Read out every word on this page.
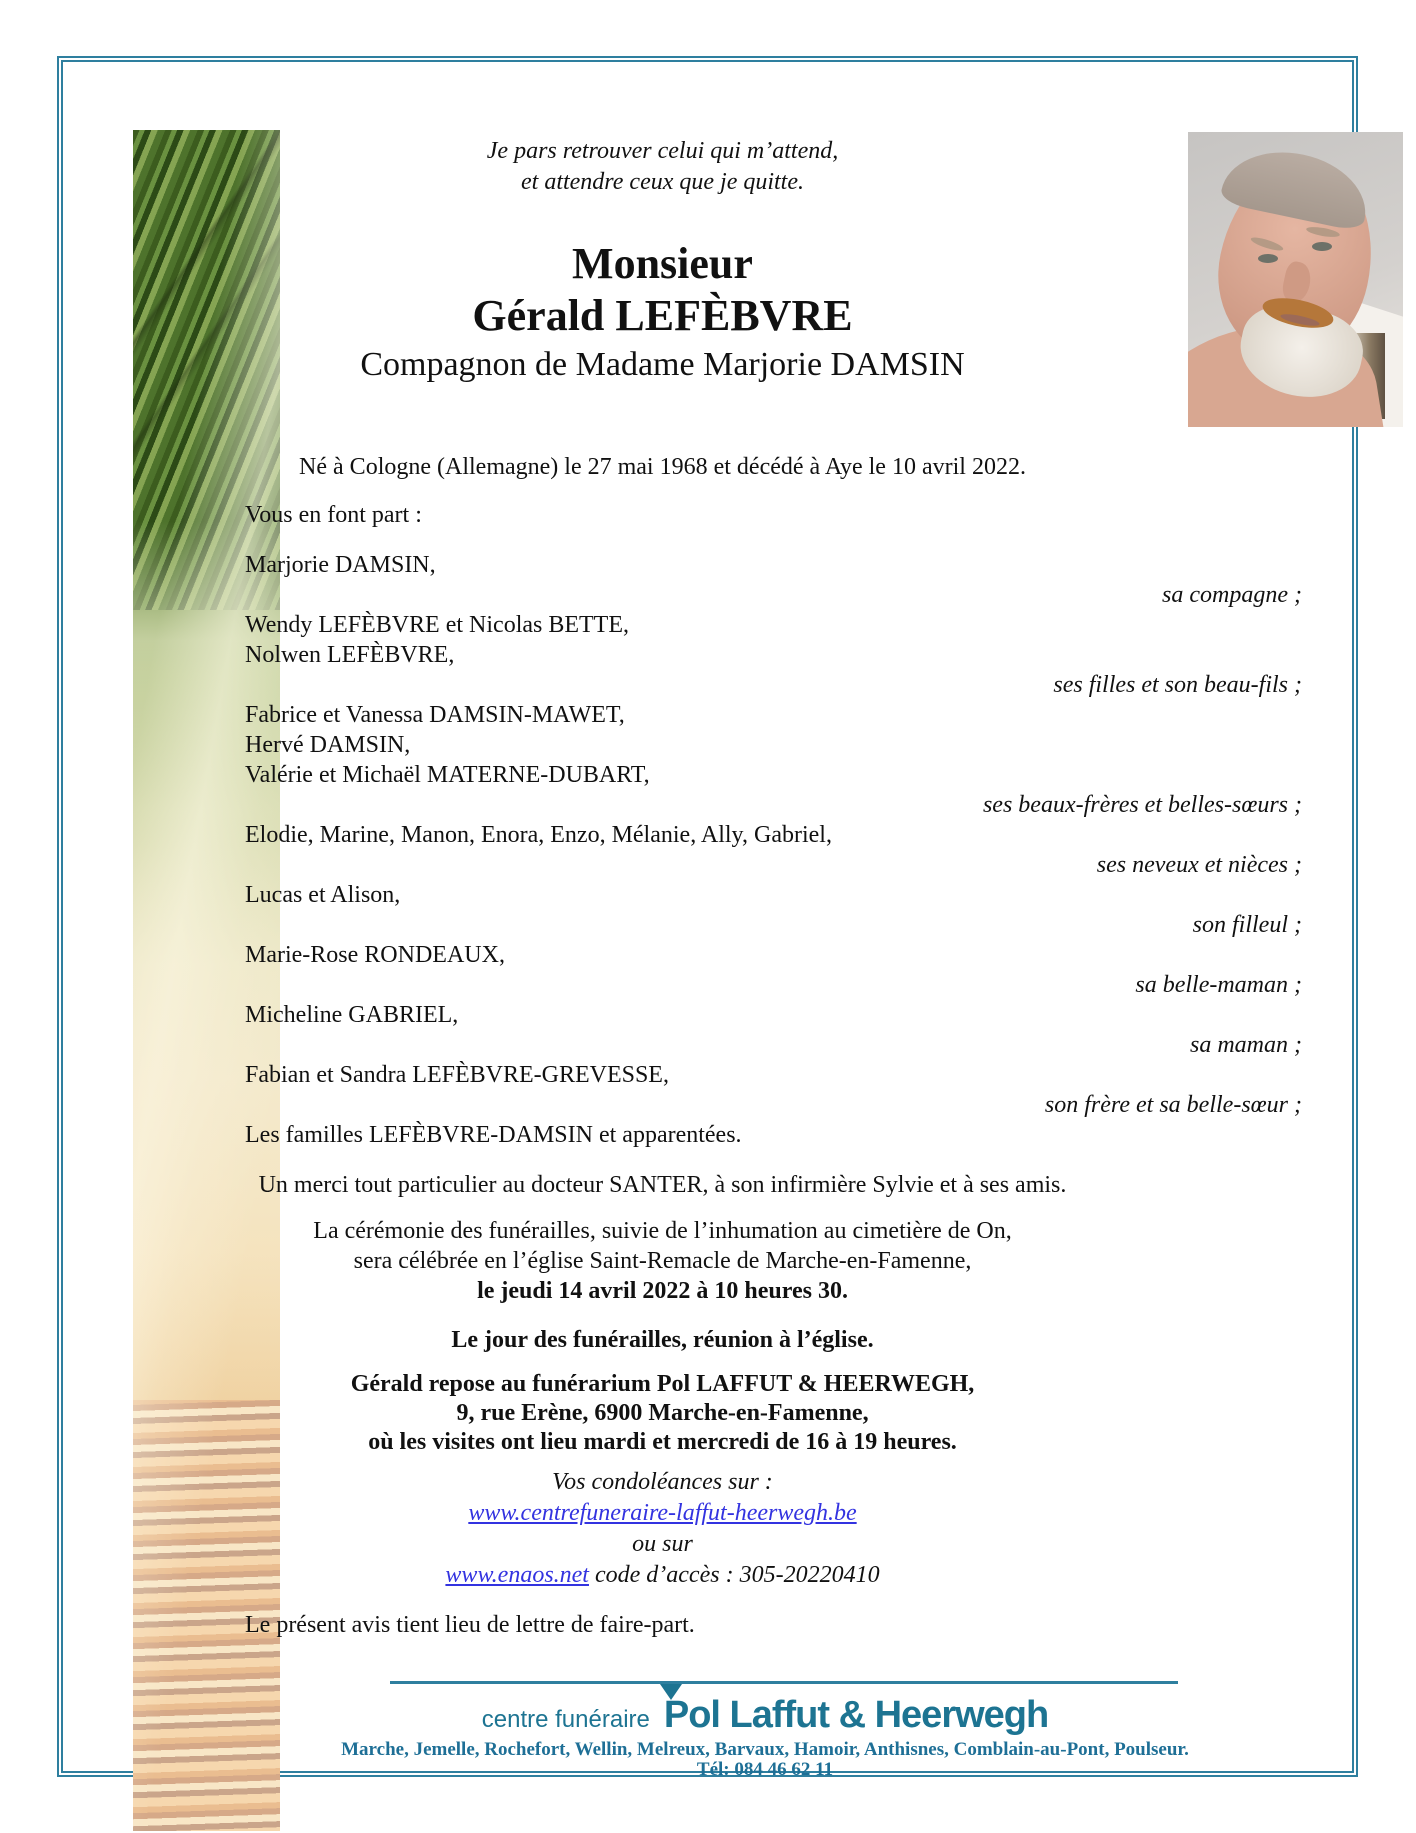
Je pars retrouver celui qui m’attend,
et attendre ceux que je quitte.
Monsieur
Gérald LEFÈBVRE
Compagnon de Madame Marjorie DAMSIN
Né à Cologne (Allemagne) le 27 mai 1968 et décédé à Aye le 10 avril 2022.
Vous en font part :
Marjorie DAMSIN,
sa compagne ;
Wendy LEFÈBVRE et Nicolas BETTE,
Nolwen LEFÈBVRE,
ses filles et son beau-fils ;
Fabrice et Vanessa DAMSIN-MAWET,
Hervé DAMSIN,
Valérie et Michaël MATERNE-DUBART,
ses beaux-frères et belles-sœurs ;
Elodie, Marine, Manon, Enora, Enzo, Mélanie, Ally, Gabriel,
ses neveux et nièces ;
Lucas et Alison,
son filleul ;
Marie-Rose RONDEAUX,
sa belle-maman ;
Micheline GABRIEL,
sa maman ;
Fabian et Sandra LEFÈBVRE-GREVESSE,
son frère et sa belle-sœur ;
Les familles LEFÈBVRE-DAMSIN et apparentées.
Un merci tout particulier au docteur SANTER, à son infirmière Sylvie et à ses amis.
La cérémonie des funérailles, suivie de l’inhumation au cimetière de On,
sera célébrée en l’église Saint-Remacle de Marche-en-Famenne,
le jeudi 14 avril 2022 à 10 heures 30.
Le jour des funérailles, réunion à l’église.
Gérald repose au funérarium Pol LAFFUT & HEERWEGH,
9, rue Erène, 6900 Marche-en-Famenne,
où les visites ont lieu mardi et mercredi de 16 à 19 heures.
Vos condoléances sur :
www.centrefuneraire-laffut-heerwegh.be
ou sur
www.enaos.net code d’accès : 305-20220410
Le présent avis tient lieu de lettre de faire-part.
centre funéraire Pol Laffut & Heerwegh
Marche, Jemelle, Rochefort, Wellin, Melreux, Barvaux, Hamoir, Anthisnes, Comblain-au-Pont, Poulseur.
Tél: 084 46 62 11
